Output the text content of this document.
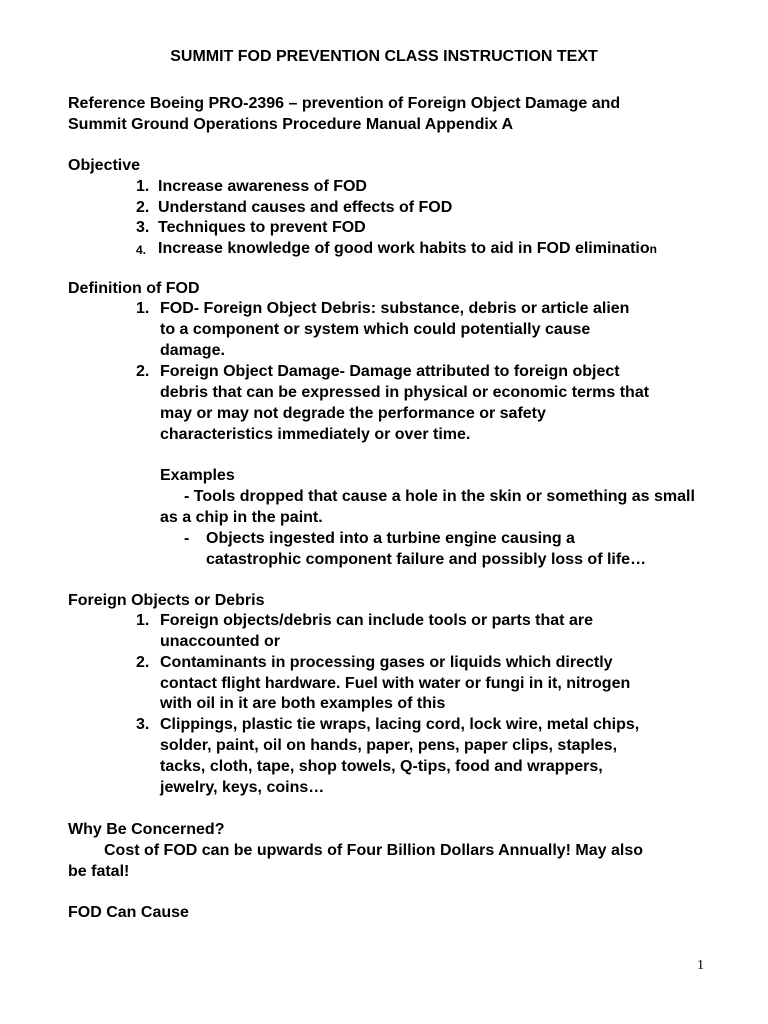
SUMMIT FOD PREVENTION CLASS INSTRUCTION TEXT
Reference Boeing PRO-2396 – prevention of Foreign Object Damage and
Summit Ground Operations Procedure Manual Appendix A
Objective
1. Increase awareness of FOD
2. Understand causes and effects of FOD
3. Techniques to prevent FOD
4. Increase knowledge of good work habits to aid in FOD elimination
Definition of FOD
1. FOD- Foreign Object Debris: substance, debris or article alien
to a component or system which could potentially cause
damage.
2. Foreign Object Damage- Damage attributed to foreign object
debris that can be expressed in physical or economic terms that
may or may not degrade the performance or safety
characteristics immediately or over time.
Examples
- Tools dropped that cause a hole in the skin or something as small
as a chip in the paint.
- Objects ingested into a turbine engine causing a
catastrophic component failure and possibly loss of life…
Foreign Objects or Debris
1. Foreign objects/debris can include tools or parts that are
unaccounted or
2. Contaminants in processing gases or liquids which directly
contact flight hardware. Fuel with water or fungi in it, nitrogen
with oil in it are both examples of this
3. Clippings, plastic tie wraps, lacing cord, lock wire, metal chips,
solder, paint, oil on hands, paper, pens, paper clips, staples,
tacks, cloth, tape, shop towels, Q-tips, food and wrappers,
jewelry, keys, coins…
Why Be Concerned?
Cost of FOD can be upwards of Four Billion Dollars Annually! May also
be fatal!
FOD Can Cause
1
